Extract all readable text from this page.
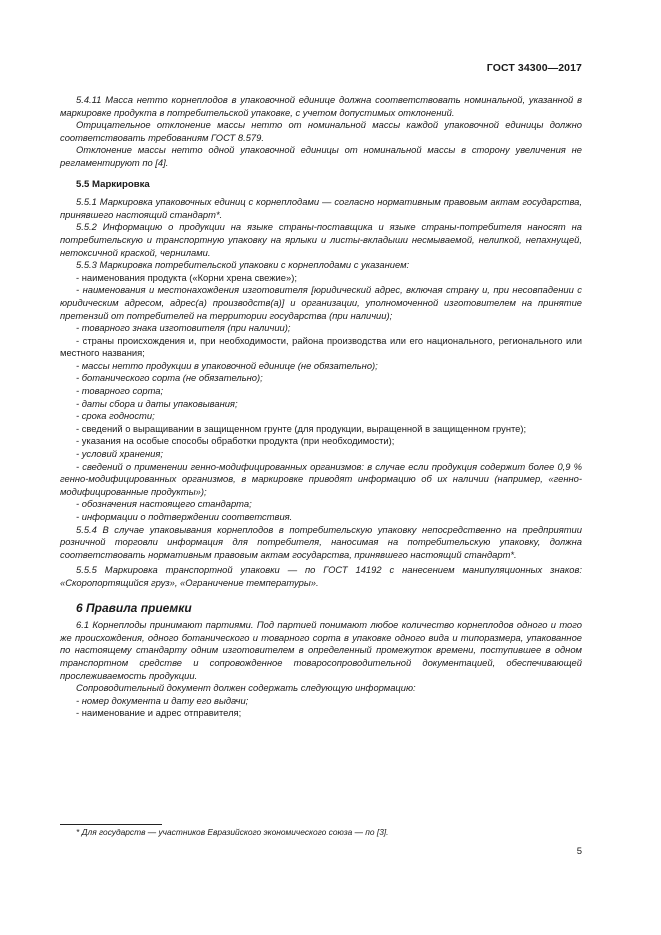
ГОСТ 34300—2017

5.4.11 Масса нетто корнеплодов в упаковочной единице должна соответствовать номинальной, указанной в маркировке продукта в потребительской упаковке, с учетом допустимых отклонений.

Отрицательное отклонение массы нетто от номинальной массы каждой упаковочной единицы должно соответствовать требованиям ГОСТ 8.579.

Отклонение массы нетто одной упаковочной единицы от номинальной массы в сторону увеличения не регламентируют по [4].

5.5 Маркировка

5.5.1 Маркировка упаковочных единиц с корнеплодами — согласно нормативным правовым актам государства, принявшего настоящий стандарт*.

5.5.2 Информацию о продукции на языке страны-поставщика и языке страны-потребителя наносят на потребительскую и транспортную упаковку на ярлыки и листы-вкладыши несмываемой, нелипкой, непахнущей, нетоксичной краской, чернилами.

5.5.3 Маркировка потребительской упаковки с корнеплодами с указанием:

- наименования продукта («Корни хрена свежие»);

- наименования и местонахождения изготовителя [юридический адрес, включая страну и, при несовпадении с юридическим адресом, адрес(а) производств(а)] и организации, уполномоченной изготовителем на принятие претензий от потребителей на территории государства (при наличии);

- товарного знака изготовителя (при наличии);

- страны происхождения и, при необходимости, района производства или его национального, регионального или местного названия;

- массы нетто продукции в упаковочной единице (не обязательно);

- ботанического сорта (не обязательно);

- товарного сорта;

- даты сбора и даты упаковывания;

- срока годности;

- сведений о выращивании в защищенном грунте (для продукции, выращенной в защищенном грунте);

- указания на особые способы обработки продукта (при необходимости);

- условий хранения;

- сведений о применении генно-модифицированных организмов: в случае если продукция содержит более 0,9 % генно-модифицированных организмов, в маркировке приводят информацию об их наличии (например, «генно-модифицированные продукты»);

- обозначения настоящего стандарта;

- информации о подтверждении соответствия.

5.5.4 В случае упаковывания корнеплодов в потребительскую упаковку непосредственно на предприятии розничной торговли информация для потребителя, наносимая на потребительскую упаковку, должна соответствовать нормативным правовым актам государства, принявшего настоящий стандарт*.

5.5.5 Маркировка транспортной упаковки — по ГОСТ 14192 с нанесением манипуляционных знаков: «Скоропортящийся груз», «Ограничение температуры».

6 Правила приемки

6.1 Корнеплоды принимают партиями. Под партией понимают любое количество корнеплодов одного и того же происхождения, одного ботанического и товарного сорта в упаковке одного вида и типоразмера, упакованное по настоящему стандарту одним изготовителем в определенный промежуток времени, поступившее в одном транспортном средстве и сопровожденное товаросопроводительной документацией, обеспечивающей прослеживаемость продукции.

Сопроводительный документ должен содержать следующую информацию:

- номер документа и дату его выдачи;

- наименование и адрес отправителя;

* Для государств — участников Евразийского экономического союза — по [3].
5
